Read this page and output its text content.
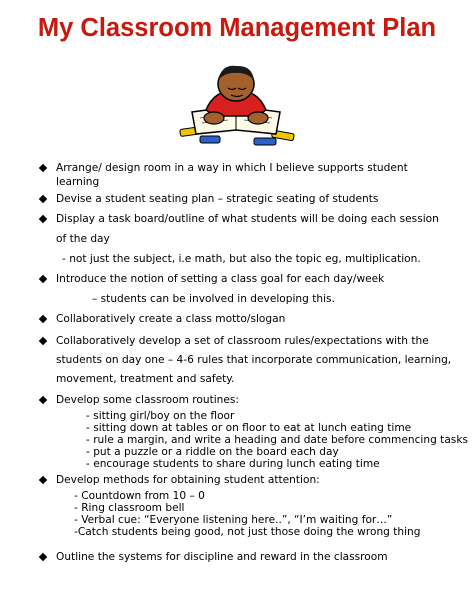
My Classroom Management Plan
Arrange/ design room in a way in which I believe supports student
learning
Devise a student seating plan – strategic seating of students
Display a task board/outline of what students will be doing each session
of the day
- not just the subject, i.e math, but also the topic eg, multiplication.
Introduce the notion of setting a class goal for each day/week
– students can be involved in developing this.
Collaboratively create a class motto/slogan
Collaboratively develop a set of classroom rules/expectations with the
students on day one – 4-6 rules that incorporate communication, learning,
movement, treatment and safety.
Develop some classroom routines:
- sitting girl/boy on the floor
- sitting down at tables or on floor to eat at lunch eating time
- rule a margin, and write a heading and date before commencing tasks
- put a puzzle or a riddle on the board each day
- encourage students to share during lunch eating time
Develop methods for obtaining student attention:
- Countdown from 10 – 0
- Ring classroom bell
- Verbal cue: “Everyone listening here..”, “I’m waiting for…”
-Catch students being good, not just those doing the wrong thing
Outline the systems for discipline and reward in the classroom
